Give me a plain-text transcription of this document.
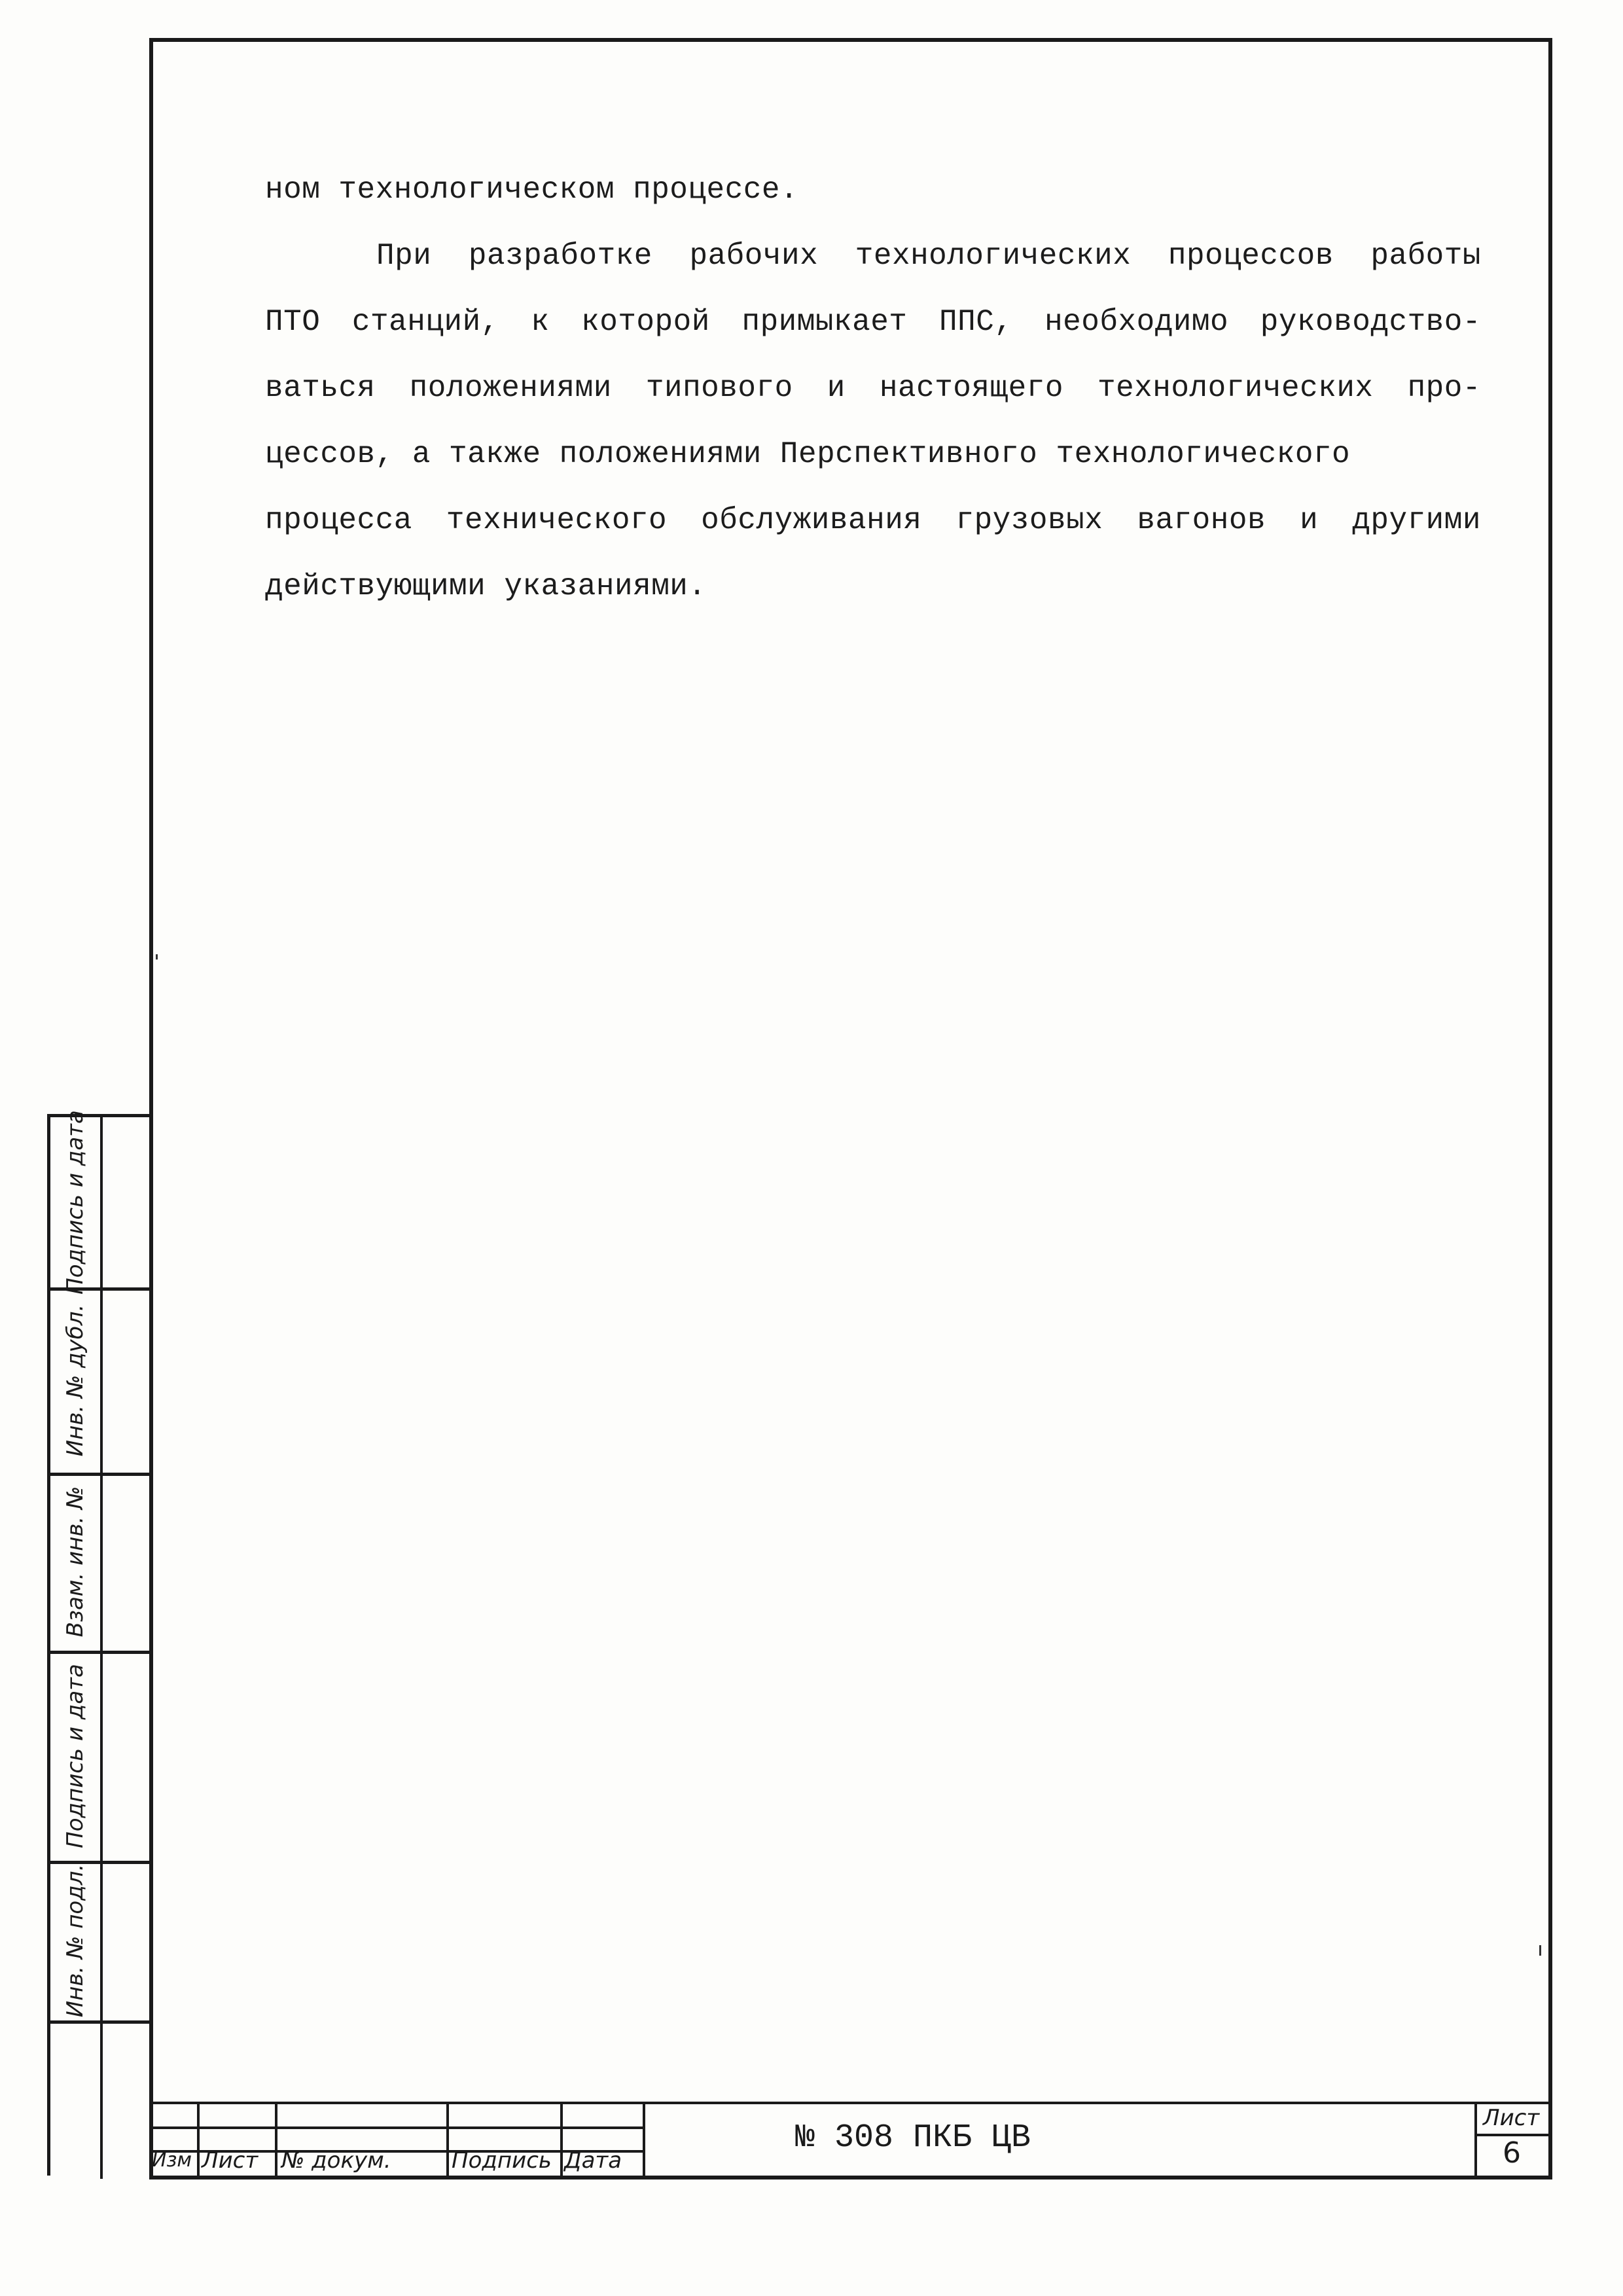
ном технологическом процессе.
При разработке рабочих технологических процессов работы
ПТО станций, к которой примыкает ППС, необходимо руководство-
ваться положениями типового и настоящего технологических про-
цессов, а также положениями Перспективного технологического
процесса технического обслуживания грузовых вагонов и другими
действующими указаниями.
Подпись и дата
Инв. № дубл.
Взам. инв. №
Подпись и дата
Инв. № подл.
Изм Лист № докум.	Подпись Дата
№ 308 ПКБ ЦВ
Лист
6
